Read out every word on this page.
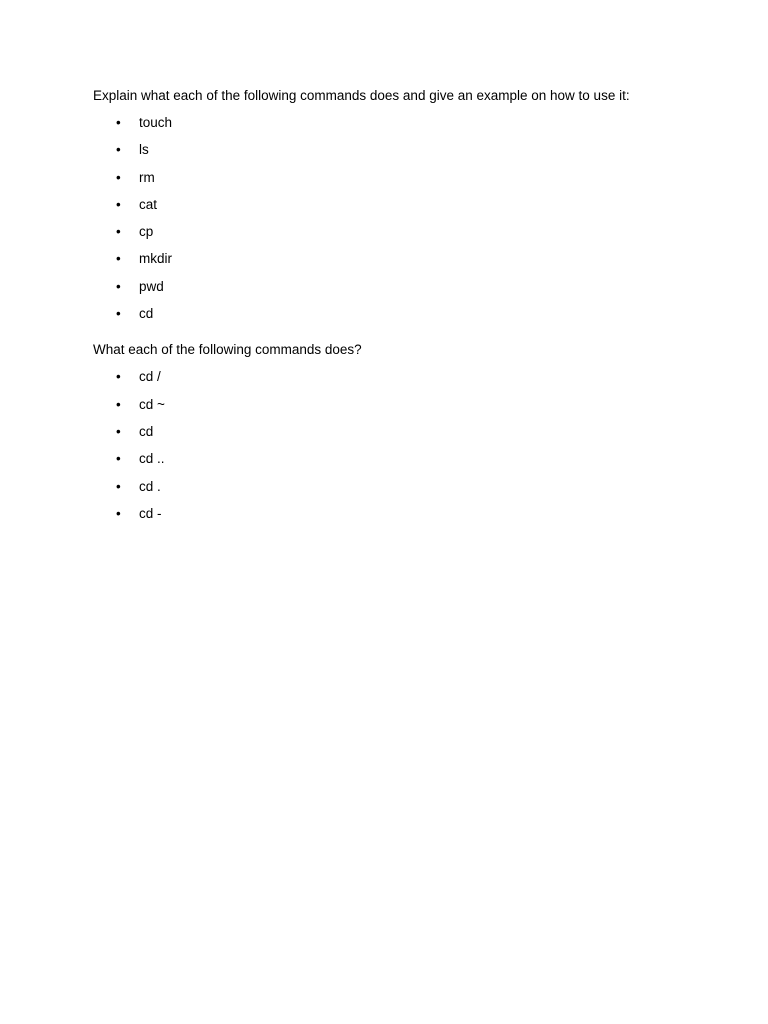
Explain what each of the following commands does and give an example on how to use it:

• touch
• ls
• rm
• cat
• cp
• mkdir
• pwd
• cd

What each of the following commands does?

• cd /
• cd ~
• cd
• cd ..
• cd .
• cd -
